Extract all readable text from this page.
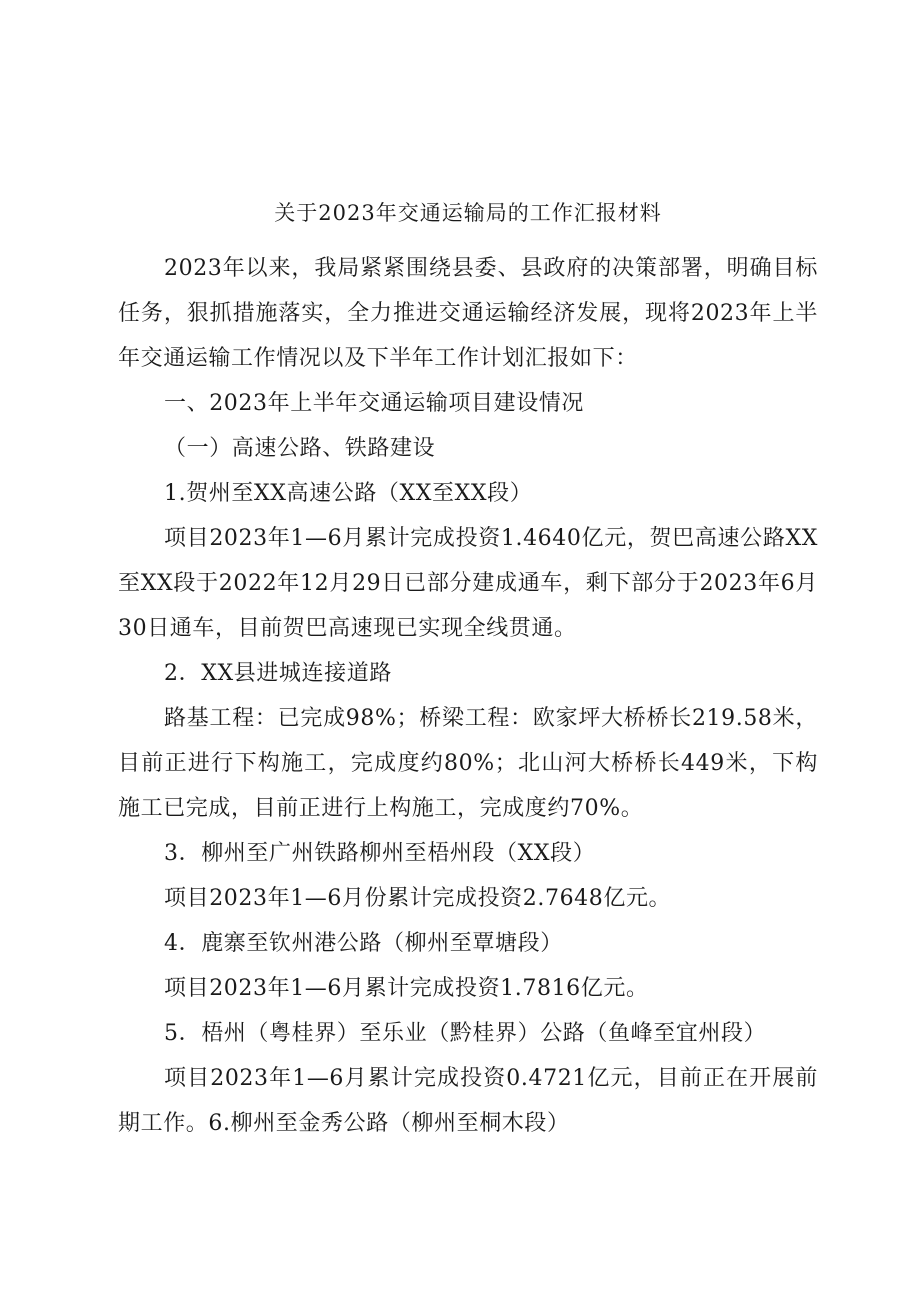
关于2023年交通运输局的工作汇报材料

2023年以来，我局紧紧围绕县委、县政府的决策部署，明确目标任务，狠抓措施落实，全力推进交通运输经济发展，现将2023年上半年交通运输工作情况以及下半年工作计划汇报如下：

一、2023年上半年交通运输项目建设情况

（一）高速公路、铁路建设

1.贺州至XX高速公路（XX至XX段）

项目2023年1—6月累计完成投资1.4640亿元，贺巴高速公路XX至XX段于2022年12月29日已部分建成通车，剩下部分于2023年6月30日通车，目前贺巴高速现已实现全线贯通。

2．XX县进城连接道路

路基工程：已完成98%；桥梁工程：欧家坪大桥桥长219.58米，目前正进行下构施工，完成度约80%；北山河大桥桥长449米，下构施工已完成，目前正进行上构施工，完成度约70%。

3．柳州至广州铁路柳州至梧州段（XX段）

项目2023年1—6月份累计完成投资2.7648亿元。

4．鹿寨至钦州港公路（柳州至覃塘段）

项目2023年1—6月累计完成投资1.7816亿元。

5．梧州（粤桂界）至乐业（黔桂界）公路（鱼峰至宜州段）

项目2023年1—6月累计完成投资0.4721亿元，目前正在开展前期工作。6.柳州至金秀公路（柳州至桐木段）
